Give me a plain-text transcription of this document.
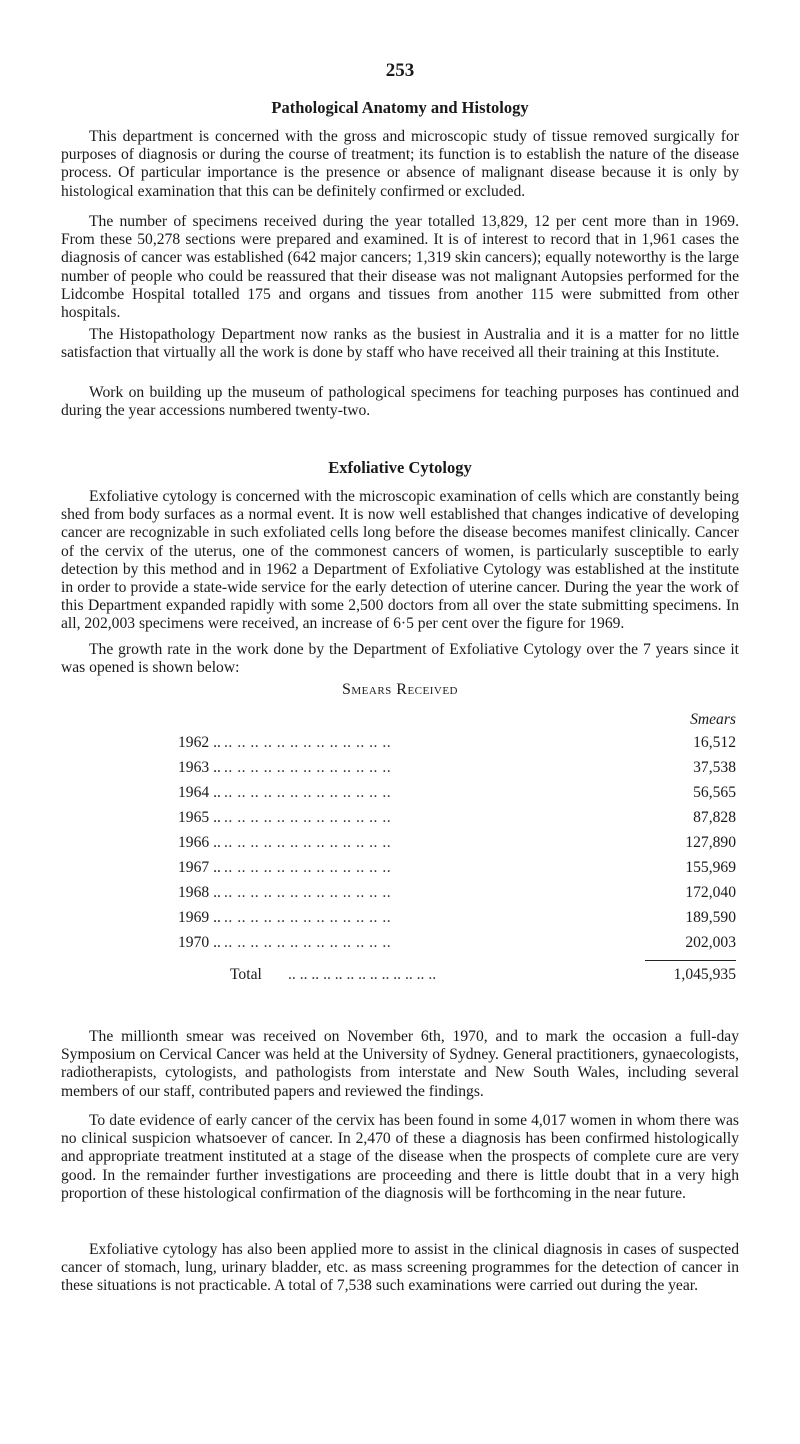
253
Pathological Anatomy and Histology

This department is concerned with the gross and microscopic study of tissue removed surgically for purposes of diagnosis or during the course of treatment; its function is to establish the nature of the disease process. Of particular importance is the presence or absence of malignant disease because it is only by histological examination that this can be definitely confirmed or excluded.

The number of specimens received during the year totalled 13,829, 12 per cent more than in 1969. From these 50,278 sections were prepared and examined. It is of interest to record that in 1,961 cases the diagnosis of cancer was established (642 major cancers; 1,319 skin cancers); equally noteworthy is the large number of people who could be reassured that their disease was not malignant Autopsies performed for the Lidcombe Hospital totalled 175 and organs and tissues from another 115 were submitted from other hospitals.

The Histopathology Department now ranks as the busiest in Australia and it is a matter for no little satisfaction that virtually all the work is done by staff who have received all their training at this Institute.

Work on building up the museum of pathological specimens for teaching purposes has continued and during the year accessions numbered twenty-two.

Exfoliative Cytology

Exfoliative cytology is concerned with the microscopic examination of cells which are constantly being shed from body surfaces as a normal event. It is now well established that changes indicative of developing cancer are recognizable in such exfoliated cells long before the disease becomes manifest clinically. Cancer of the cervix of the uterus, one of the commonest cancers of women, is particularly susceptible to early detection by this method and in 1962 a Department of Exfoliative Cytology was established at the institute in order to provide a state-wide service for the early detection of uterine cancer. During the year the work of this Department expanded rapidly with some 2,500 doctors from all over the state submitting specimens. In all, 202,003 specimens were received, an increase of 6·5 per cent over the figure for 1969.

The growth rate in the work done by the Department of Exfoliative Cytology over the 7 years since it was opened is shown below:

Smears Received
Smears
1962 .. .. .. .. .. .. .. .. .. .. .. .. .. ..	16,512
1963 .. .. .. .. .. .. .. .. .. .. .. .. .. ..	37,538
1964 .. .. .. .. .. .. .. .. .. .. .. .. .. ..	56,565
1965 .. .. .. .. .. .. .. .. .. .. .. .. .. ..	87,828
1966 .. .. .. .. .. .. .. .. .. .. .. .. .. ..	127,890
1967 .. .. .. .. .. .. .. .. .. .. .. .. .. ..	155,969
1968 .. .. .. .. .. .. .. .. .. .. .. .. .. ..	172,040
1969 .. .. .. .. .. .. .. .. .. .. .. .. .. ..	189,590
1970 .. .. .. .. .. .. .. .. .. .. .. .. .. ..	202,003
Total .. .. .. .. .. .. .. .. .. .. .. .. ..	1,045,935

The millionth smear was received on November 6th, 1970, and to mark the occasion a full-day Symposium on Cervical Cancer was held at the University of Sydney. General practitioners, gynaecologists, radiotherapists, cytologists, and pathologists from interstate and New South Wales, including several members of our staff, contributed papers and reviewed the findings.

To date evidence of early cancer of the cervix has been found in some 4,017 women in whom there was no clinical suspicion whatsoever of cancer. In 2,470 of these a diagnosis has been confirmed histologically and appropriate treatment instituted at a stage of the disease when the prospects of complete cure are very good. In the remainder further investigations are proceeding and there is little doubt that in a very high proportion of these histological confirmation of the diagnosis will be forthcoming in the near future.

Exfoliative cytology has also been applied more to assist in the clinical diagnosis in cases of suspected cancer of stomach, lung, urinary bladder, etc. as mass screening programmes for the detection of cancer in these situations is not practicable. A total of 7,538 such examinations were carried out during the year.
